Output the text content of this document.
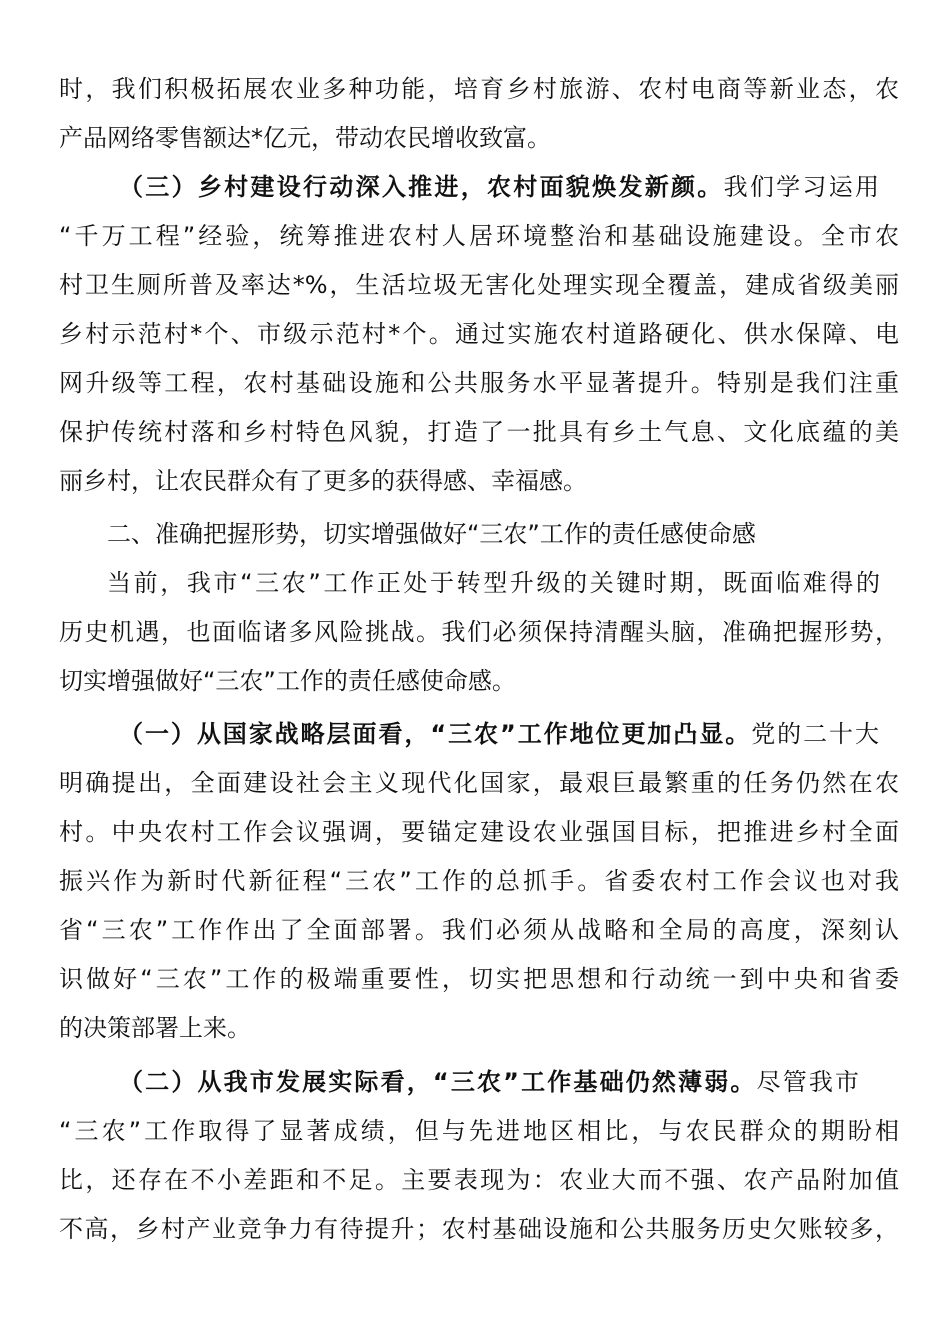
时，我们积极拓展农业多种功能，培育乡村旅游、农村电商等新业态，农
产品网络零售额达*亿元，带动农民增收致富。
（三）乡村建设行动深入推进，农村面貌焕发新颜。我们学习运用
“千万工程”经验，统筹推进农村人居环境整治和基础设施建设。全市农
村卫生厕所普及率达*%，生活垃圾无害化处理实现全覆盖，建成省级美丽
乡村示范村*个、市级示范村*个。通过实施农村道路硬化、供水保障、电
网升级等工程，农村基础设施和公共服务水平显著提升。特别是我们注重
保护传统村落和乡村特色风貌，打造了一批具有乡土气息、文化底蕴的美
丽乡村，让农民群众有了更多的获得感、幸福感。
二、准确把握形势，切实增强做好“三农”工作的责任感使命感
当前，我市“三农”工作正处于转型升级的关键时期，既面临难得的
历史机遇，也面临诸多风险挑战。我们必须保持清醒头脑，准确把握形势，
切实增强做好“三农”工作的责任感使命感。
（一）从国家战略层面看，“三农”工作地位更加凸显。党的二十大
明确提出，全面建设社会主义现代化国家，最艰巨最繁重的任务仍然在农
村。中央农村工作会议强调，要锚定建设农业强国目标，把推进乡村全面
振兴作为新时代新征程“三农”工作的总抓手。省委农村工作会议也对我
省“三农”工作作出了全面部署。我们必须从战略和全局的高度，深刻认
识做好“三农”工作的极端重要性，切实把思想和行动统一到中央和省委
的决策部署上来。
（二）从我市发展实际看，“三农”工作基础仍然薄弱。尽管我市
“三农”工作取得了显著成绩，但与先进地区相比，与农民群众的期盼相
比，还存在不小差距和不足。主要表现为：农业大而不强、农产品附加值
不高，乡村产业竞争力有待提升；农村基础设施和公共服务历史欠账较多，
